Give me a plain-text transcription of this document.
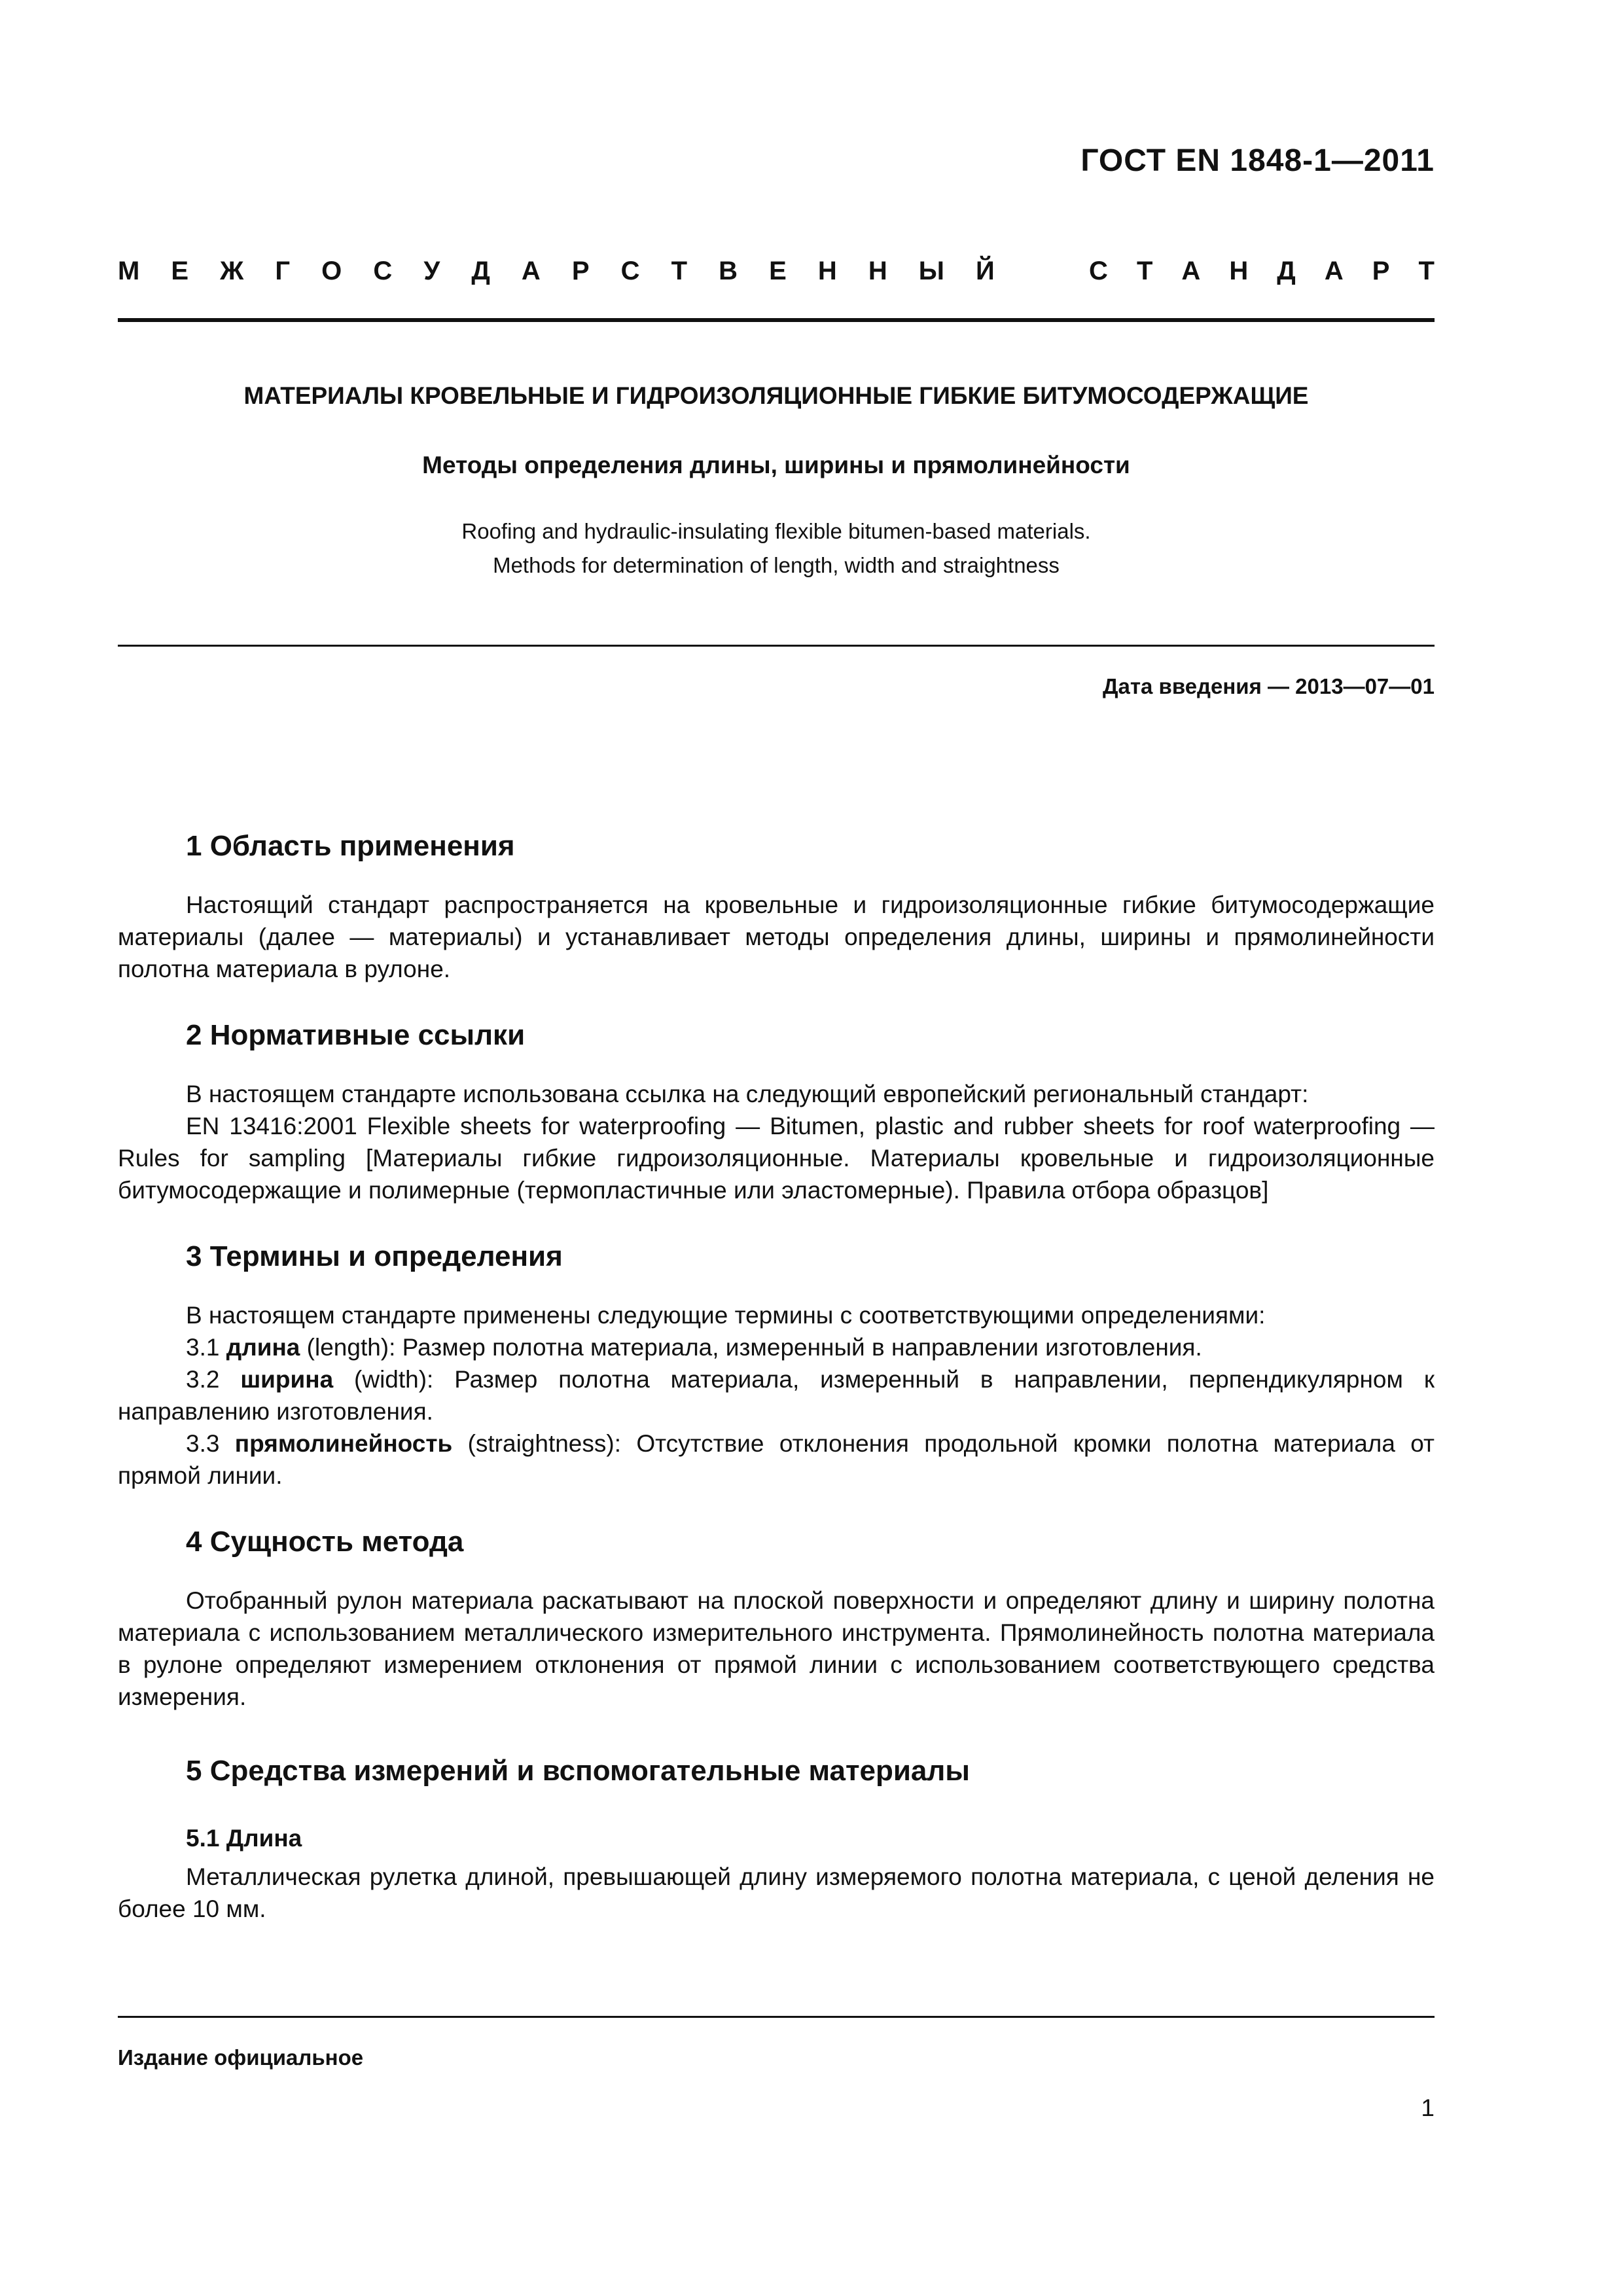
ГОСТ EN 1848-1—2011
М Е Ж Г О С У Д А Р С Т В Е Н Н Ы Й	С Т А Н Д А Р Т
МАТЕРИАЛЫ КРОВЕЛЬНЫЕ И ГИДРОИЗОЛЯЦИОННЫЕ ГИБКИЕ БИТУМОСОДЕРЖАЩИЕ
Методы определения длины, ширины и прямолинейности
Roofing and hydraulic-insulating flexible bitumen-based materials.
Methods for determination of length, width and straightness
Дата введения — 2013—07—01
1 Область применения

Настоящий стандарт распространяется на кровельные и гидроизоляционные гибкие битумосодержащие материалы (далее — материалы) и устанавливает методы определения длины, ширины и прямолинейности полотна материала в рулоне.

2 Нормативные ссылки

В настоящем стандарте использована ссылка на следующий европейский региональный стандарт:

EN 13416:2001 Flexible sheets for waterproofing — Bitumen, plastic and rubber sheets for roof waterproofing — Rules for sampling [Материалы гибкие гидроизоляционные. Материалы кровельные и гидроизоляционные битумосодержащие и полимерные (термопластичные или эластомерные). Правила отбора образцов]

3 Термины и определения

В настоящем стандарте применены следующие термины с соответствующими определениями:

3.1 длина (length): Размер полотна материала, измеренный в направлении изготовления.

3.2 ширина (width): Размер полотна материала, измеренный в направлении, перпендикулярном к направлению изготовления.

3.3 прямолинейность (straightness): Отсутствие отклонения продольной кромки полотна материала от прямой линии.

4 Сущность метода

Отобранный рулон материала раскатывают на плоской поверхности и определяют длину и ширину полотна материала с использованием металлического измерительного инструмента. Прямолинейность полотна материала в рулоне определяют измерением отклонения от прямой линии с использованием соответствующего средства измерения.

5 Средства измерений и вспомогательные материалы
5.1 Длина

Металлическая рулетка длиной, превышающей длину измеряемого полотна материала, с ценой деления не более 10 мм.

Издание официальное
1
